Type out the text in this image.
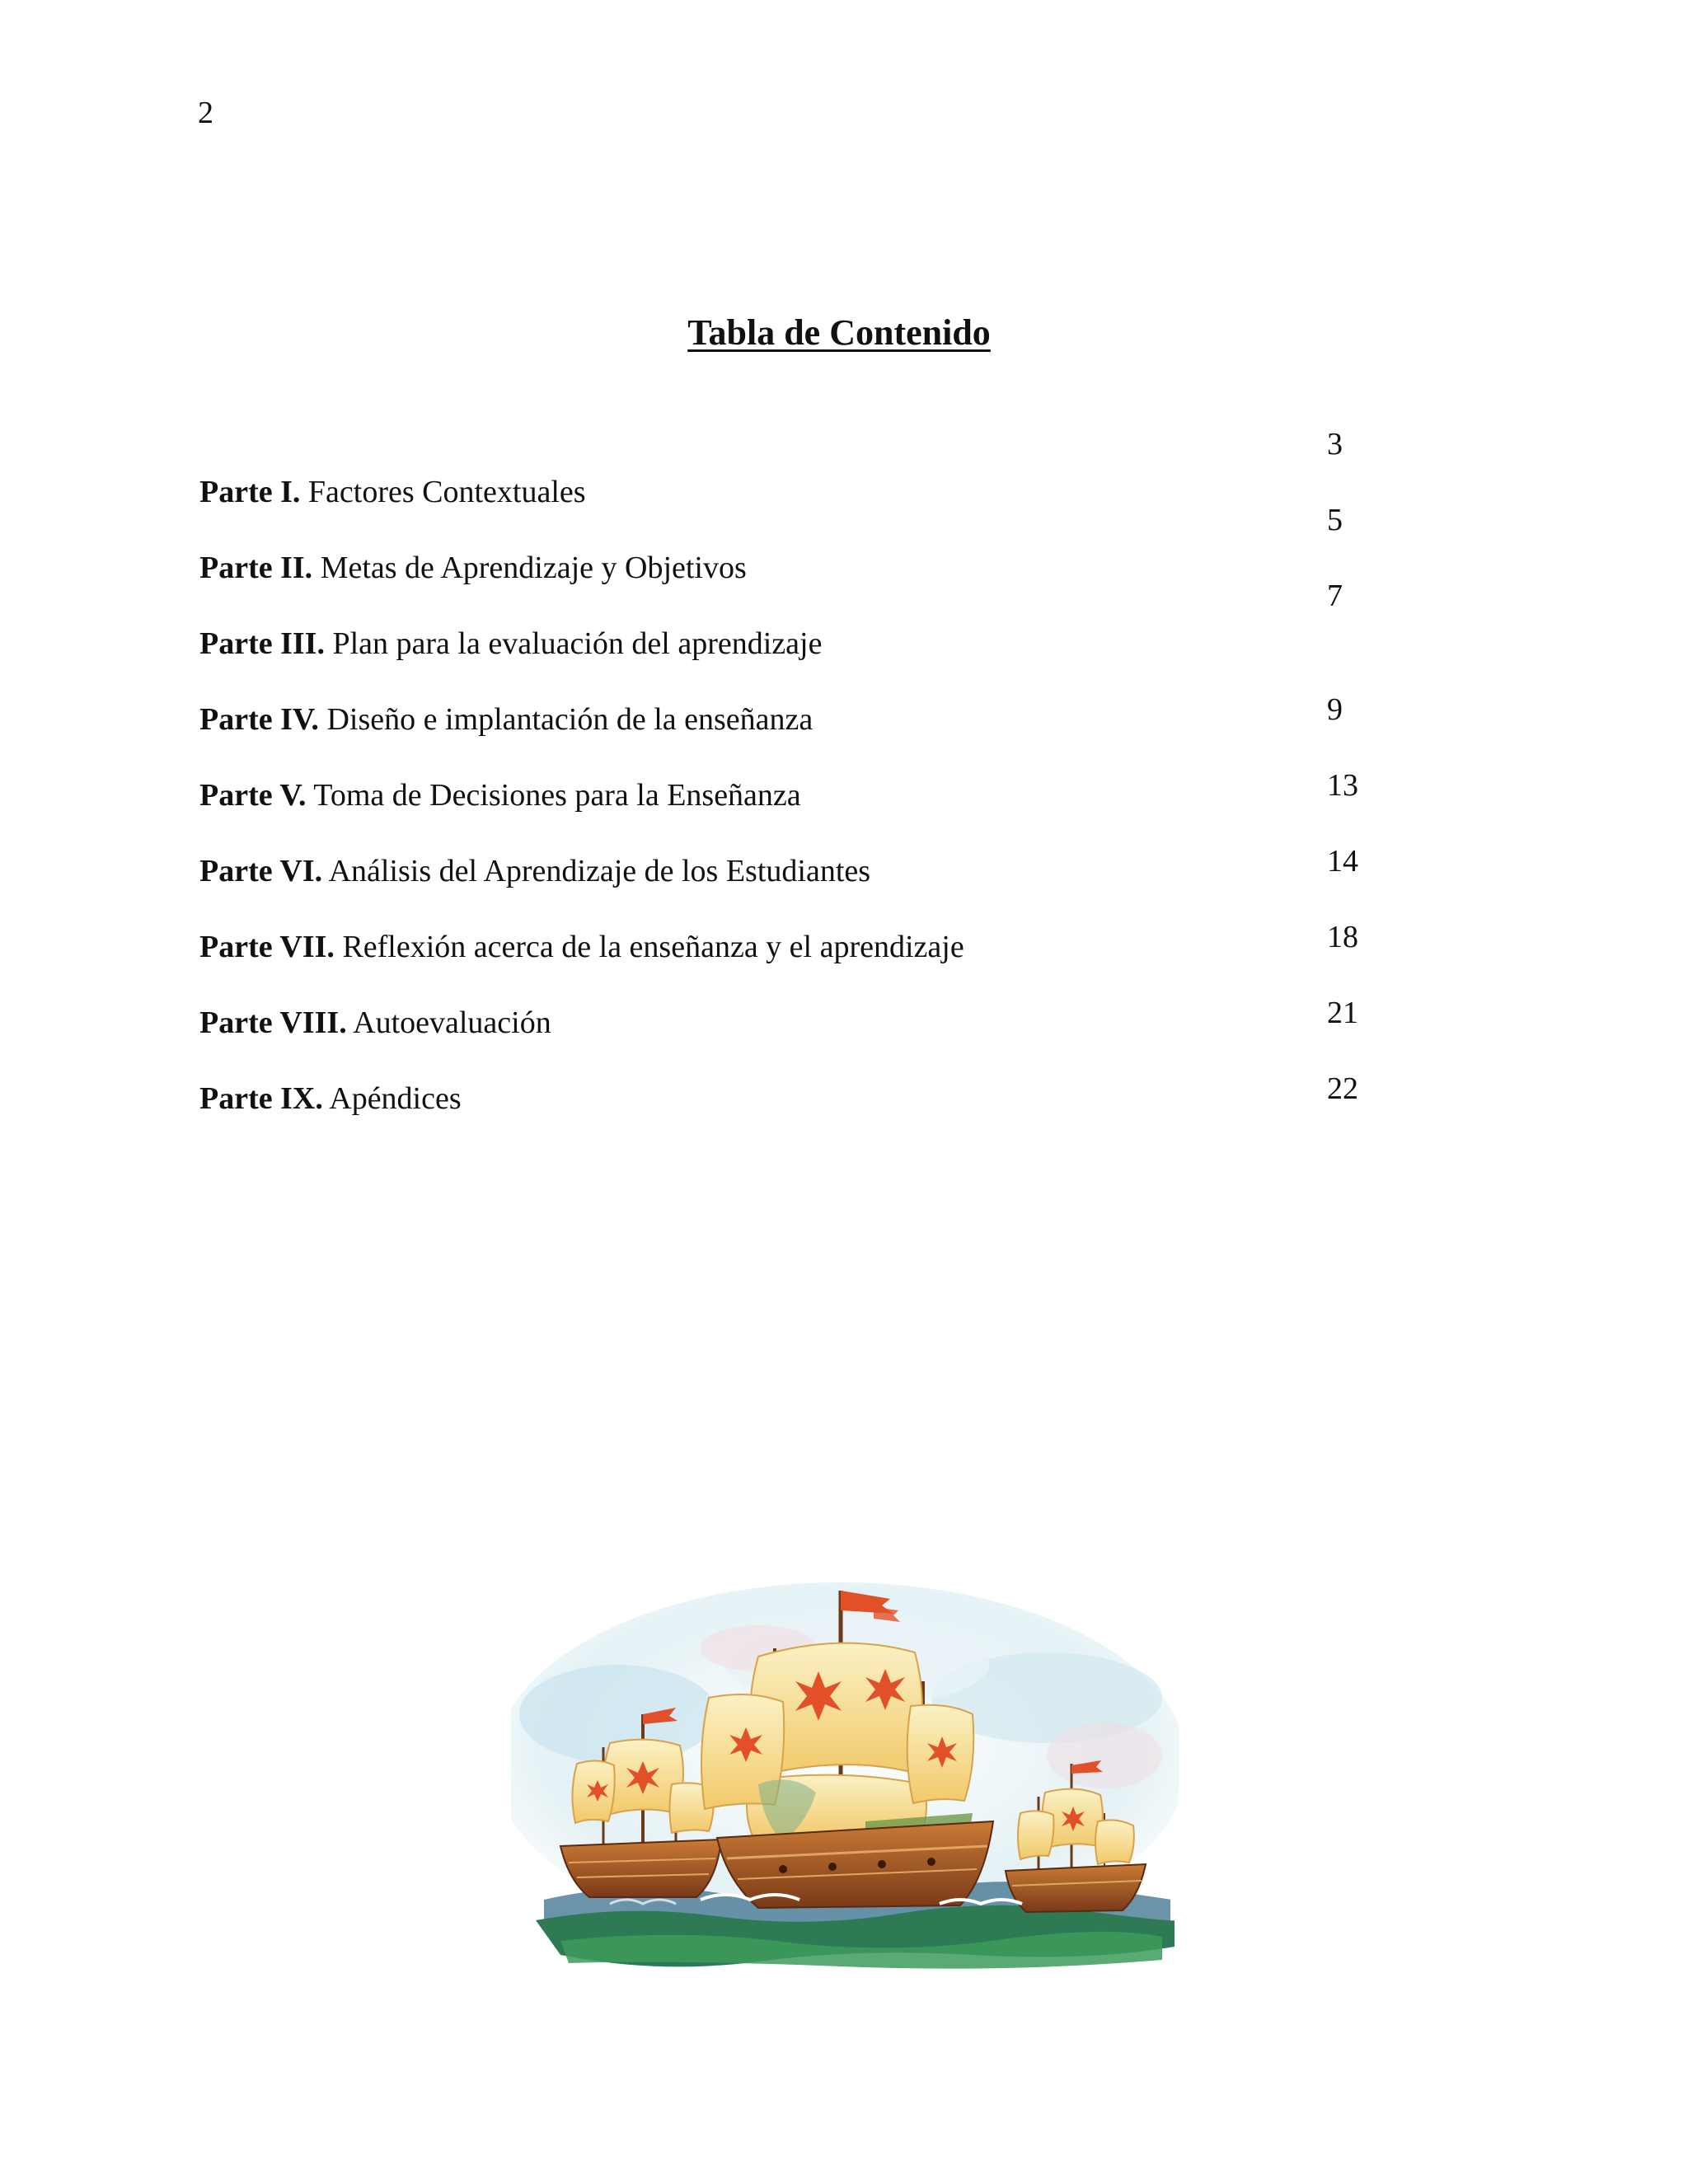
2
Tabla de Contenido
Parte I. Factores Contextuales
Parte II. Metas de Aprendizaje y Objetivos
Parte III. Plan para la evaluación del aprendizaje
Parte IV. Diseño e implantación de la enseñanza
Parte V. Toma de Decisiones para la Enseñanza
Parte VI. Análisis del Aprendizaje de los Estudiantes
Parte VII. Reflexión acerca de la enseñanza y el aprendizaje
Parte VIII. Autoevaluación
Parte IX. Apéndices
3
5
7
9
13
14
18
21
22
